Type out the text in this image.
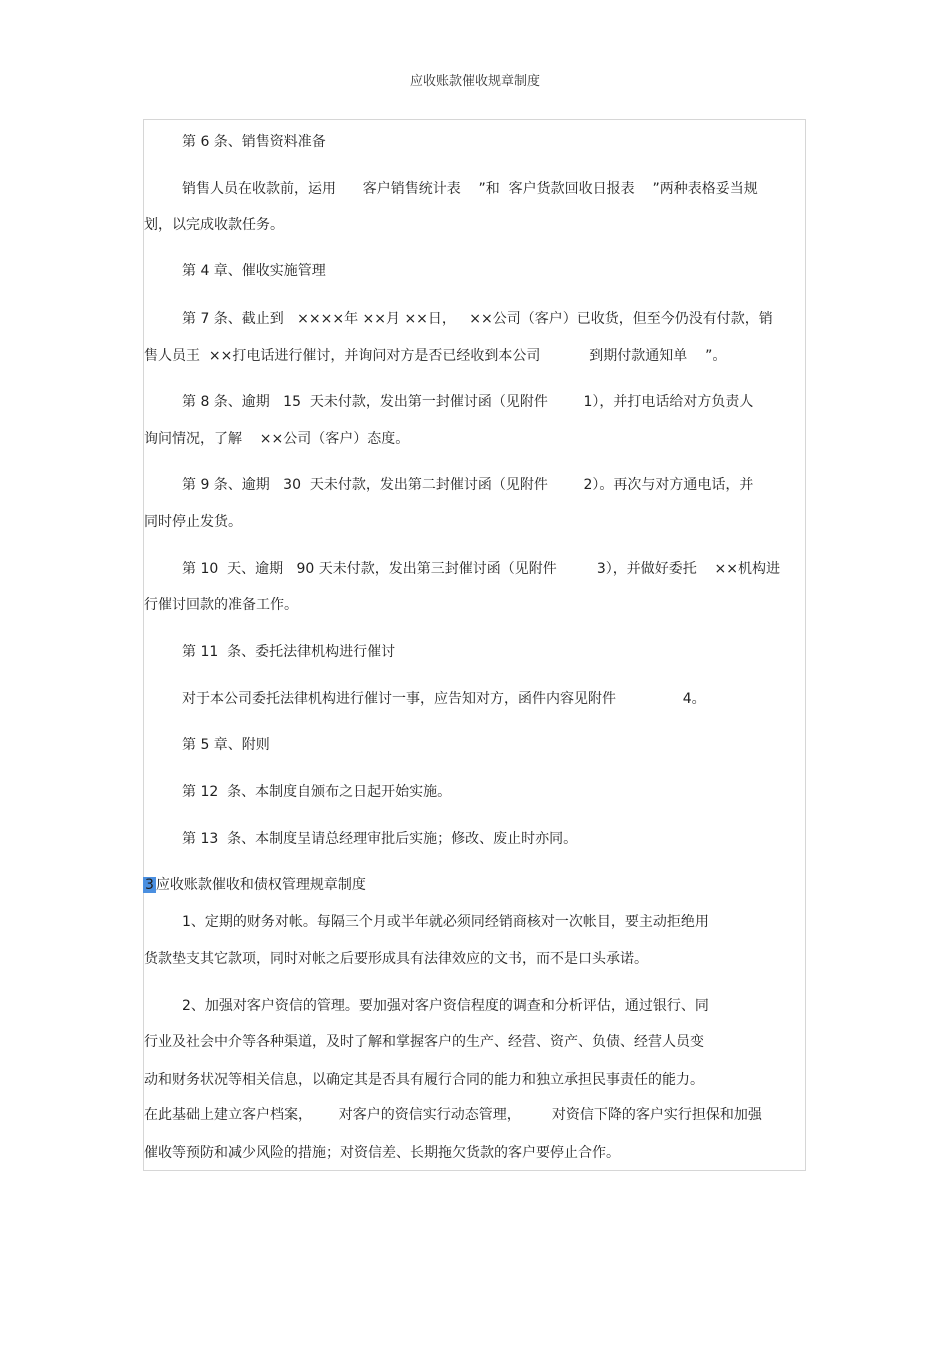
应收账款催收规章制度
第 6 条、销售资料准备
销售人员在收款前，运用      客户销售统计表    ”和  客户货款回收日报表    ”两种表格妥当规
划，以完成收款任务。
第 4 章、催收实施管理
第 7 条、截止到   ××××年 ××月 ××日，   ××公司（客户）已收货，但至今仍没有付款，销
售人员王  ××打电话进行催讨，并询问对方是否已经收到本公司           到期付款通知单    ”。
第 8 条、逾期   15  天未付款，发出第一封催讨函（见附件        1），并打电话给对方负责人
询问情况，了解    ××公司（客户）态度。
第 9 条、逾期   30  天未付款，发出第二封催讨函（见附件        2）。再次与对方通电话，并
同时停止发货。
第 10  天、逾期   90 天未付款，发出第三封催讨函（见附件         3），并做好委托    ××机构进
行催讨回款的准备工作。
第 11  条、委托法律机构进行催讨
对于本公司委托法律机构进行催讨一事，应告知对方，函件内容见附件               4。
第 5 章、附则
第 12  条、本制度自颁布之日起开始实施。
第 13  条、本制度呈请总经理审批后实施；修改、废止时亦同。
3 应收账款催收和债权管理规章制度
1、定期的财务对帐。每隔三个月或半年就必须同经销商核对一次帐目，要主动拒绝用
货款垫支其它款项，同时对帐之后要形成具有法律效应的文书，而不是口头承诺。
2、加强对客户资信的管理。要加强对客户资信程度的调查和分析评估，通过银行、同
行业及社会中介等各种渠道，及时了解和掌握客户的生产、经营、资产、负债、经营人员变
动和财务状况等相关信息，以确定其是否具有履行合同的能力和独立承担民事责任的能力。
在此基础上建立客户档案，      对客户的资信实行动态管理，       对资信下降的客户实行担保和加强
催收等预防和减少风险的措施；对资信差、长期拖欠货款的客户要停止合作。
